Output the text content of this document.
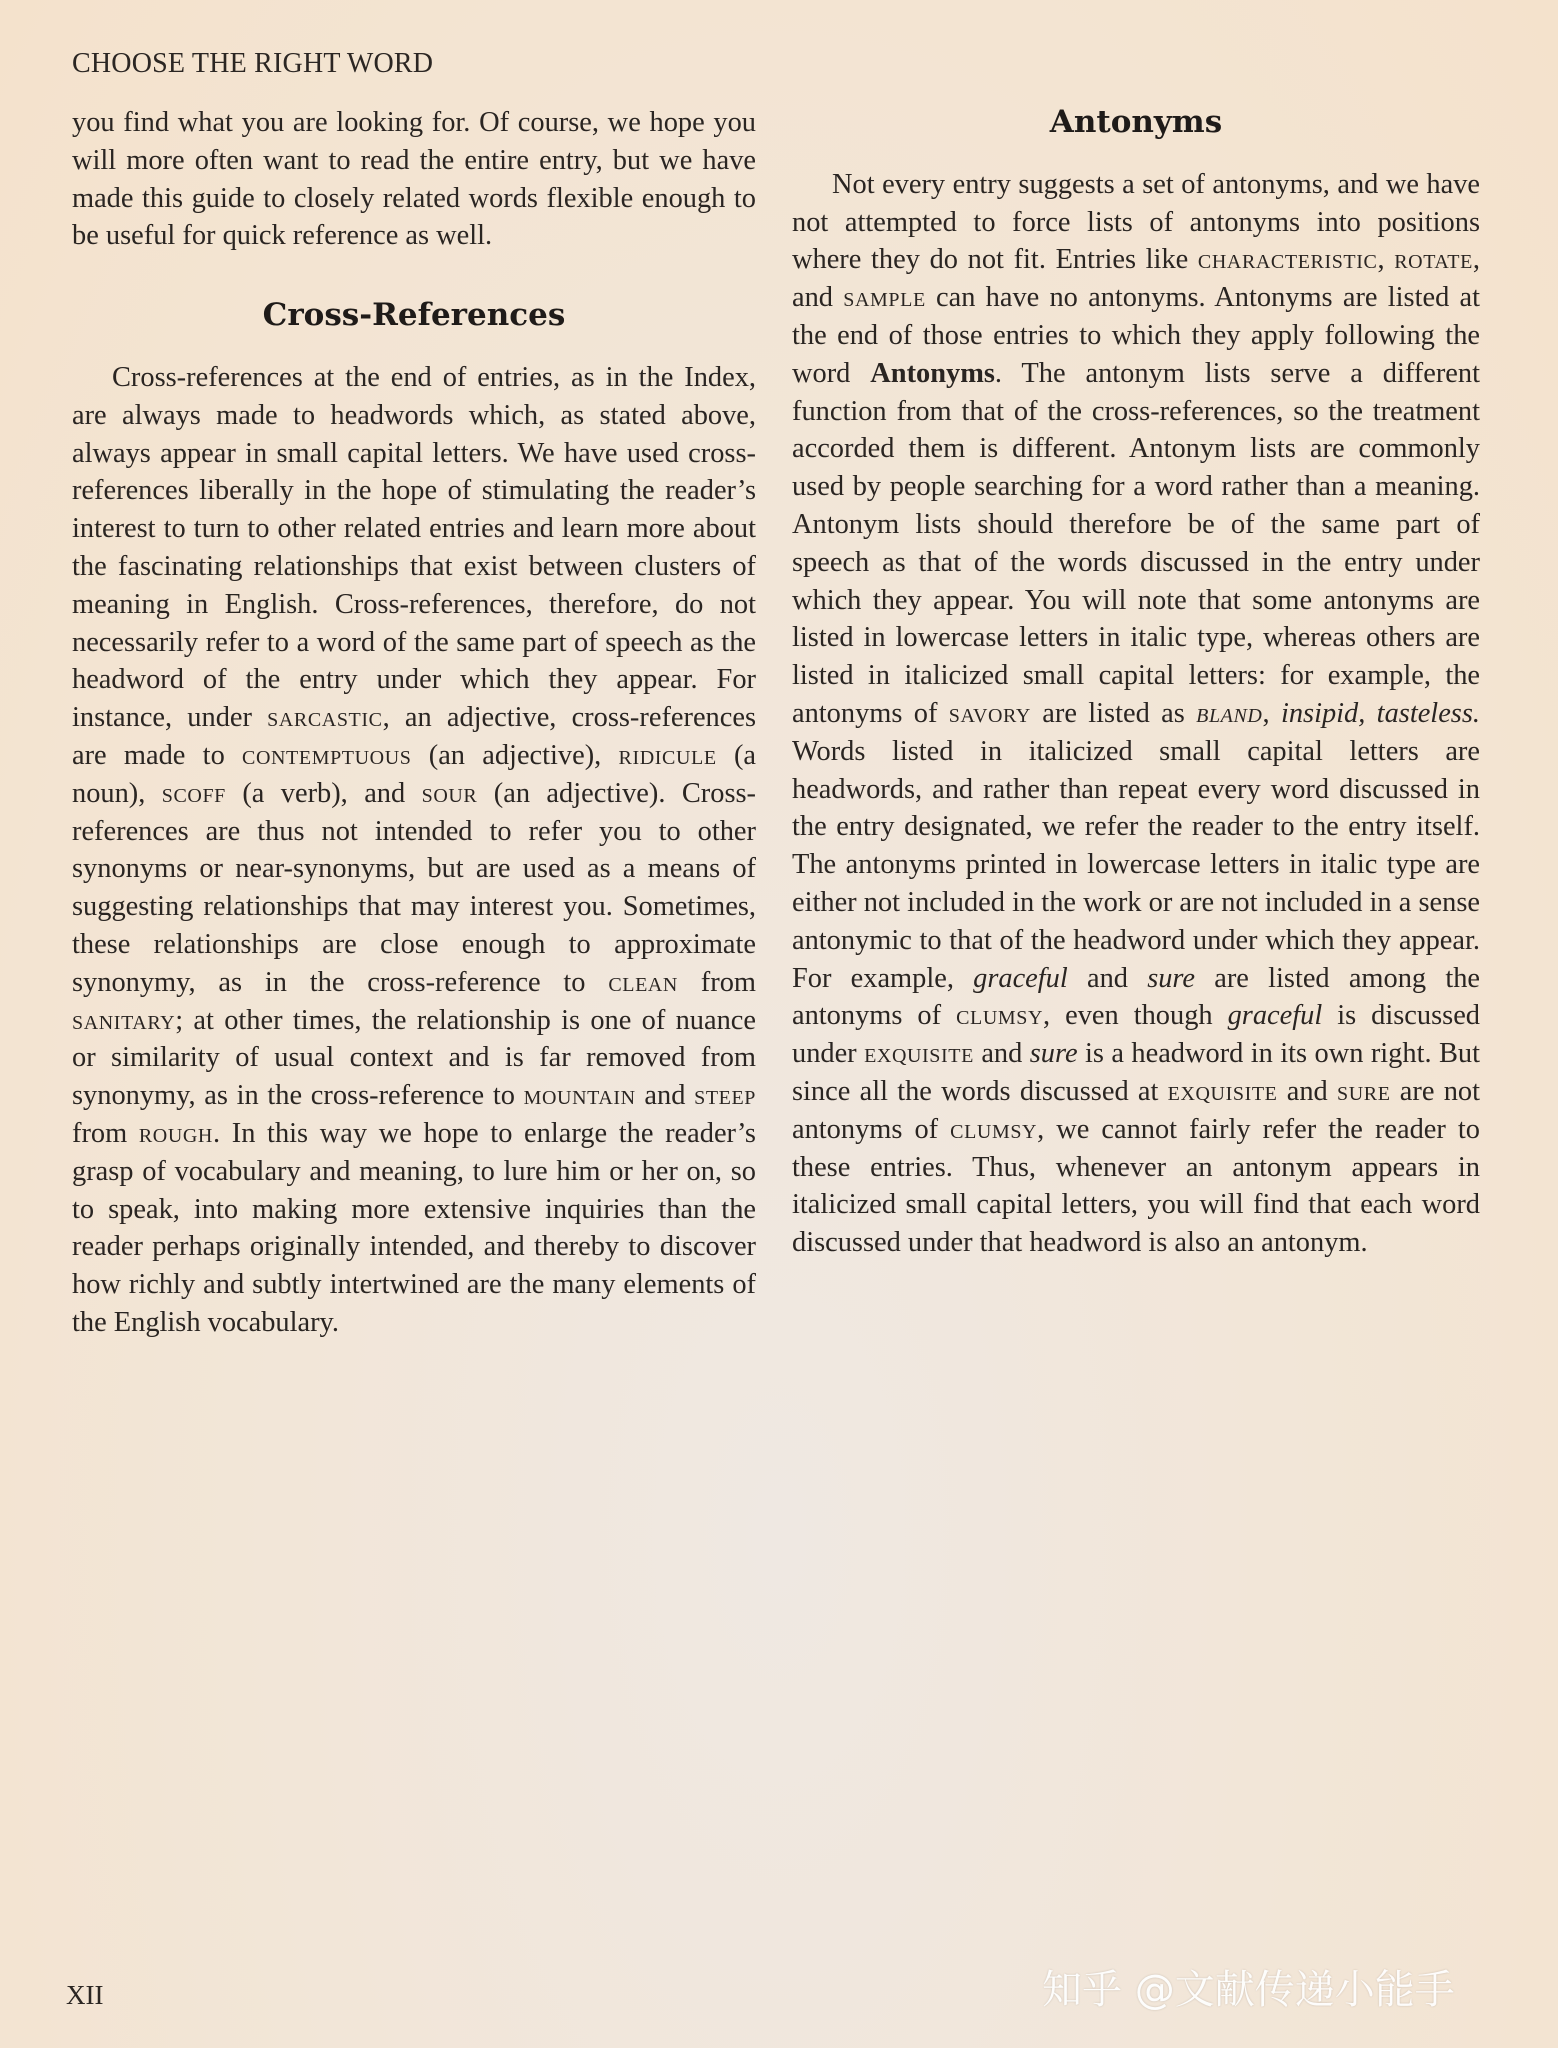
CHOOSE THE RIGHT WORD

you find what you are looking for. Of course, we hope you will more often want to read the entire entry, but we have made this guide to closely related words flexible enough to be useful for quick reference as well.

Cross-References

Cross-references at the end of entries, as in the Index, are always made to headwords which, as stated above, always appear in small capital letters. We have used cross-references liberally in the hope of stimulating the reader’s interest to turn to other related entries and learn more about the fascinating relationships that exist between clusters of meaning in English. Cross-references, therefore, do not necessarily refer to a word of the same part of speech as the headword of the entry under which they appear. For instance, under sarcastic, an adjective, cross-references are made to contemptuous (an adjective), ridicule (a noun), scoff (a verb), and sour (an adjective). Cross-references are thus not intended to refer you to other synonyms or near-synonyms, but are used as a means of suggesting relationships that may interest you. Sometimes, these relationships are close enough to approximate synonymy, as in the cross-reference to clean from sanitary; at other times, the relationship is one of nuance or similarity of usual context and is far removed from synonymy, as in the cross-reference to mountain and steep from rough. In this way we hope to enlarge the reader’s grasp of vocabulary and meaning, to lure him or her on, so to speak, into making more extensive inquiries than the reader perhaps originally intended, and thereby to discover how richly and subtly intertwined are the many elements of the English vocabulary.

Antonyms

Not every entry suggests a set of antonyms, and we have not attempted to force lists of antonyms into positions where they do not fit. Entries like characteristic, rotate, and sample can have no antonyms. Antonyms are listed at the end of those entries to which they apply following the word Antonyms. The antonym lists serve a different function from that of the cross-references, so the treatment accorded them is different. Antonym lists are commonly used by people searching for a word rather than a meaning. Antonym lists should therefore be of the same part of speech as that of the words discussed in the entry under which they appear. You will note that some antonyms are listed in lowercase letters in italic type, whereas others are listed in italicized small capital letters: for example, the antonyms of savory are listed as bland, insipid, tasteless. Words listed in italicized small capital letters are headwords, and rather than repeat every word discussed in the entry designated, we refer the reader to the entry itself. The antonyms printed in lowercase letters in italic type are either not included in the work or are not included in a sense antonymic to that of the headword under which they appear. For example, graceful and sure are listed among the antonyms of clumsy, even though graceful is discussed under exquisite and sure is a headword in its own right. But since all the words discussed at exquisite and sure are not antonyms of clumsy, we cannot fairly refer the reader to these entries. Thus, whenever an antonym appears in italicized small capital letters, you will find that each word discussed under that headword is also an antonym.

XII	知乎 @文献传递小能手
